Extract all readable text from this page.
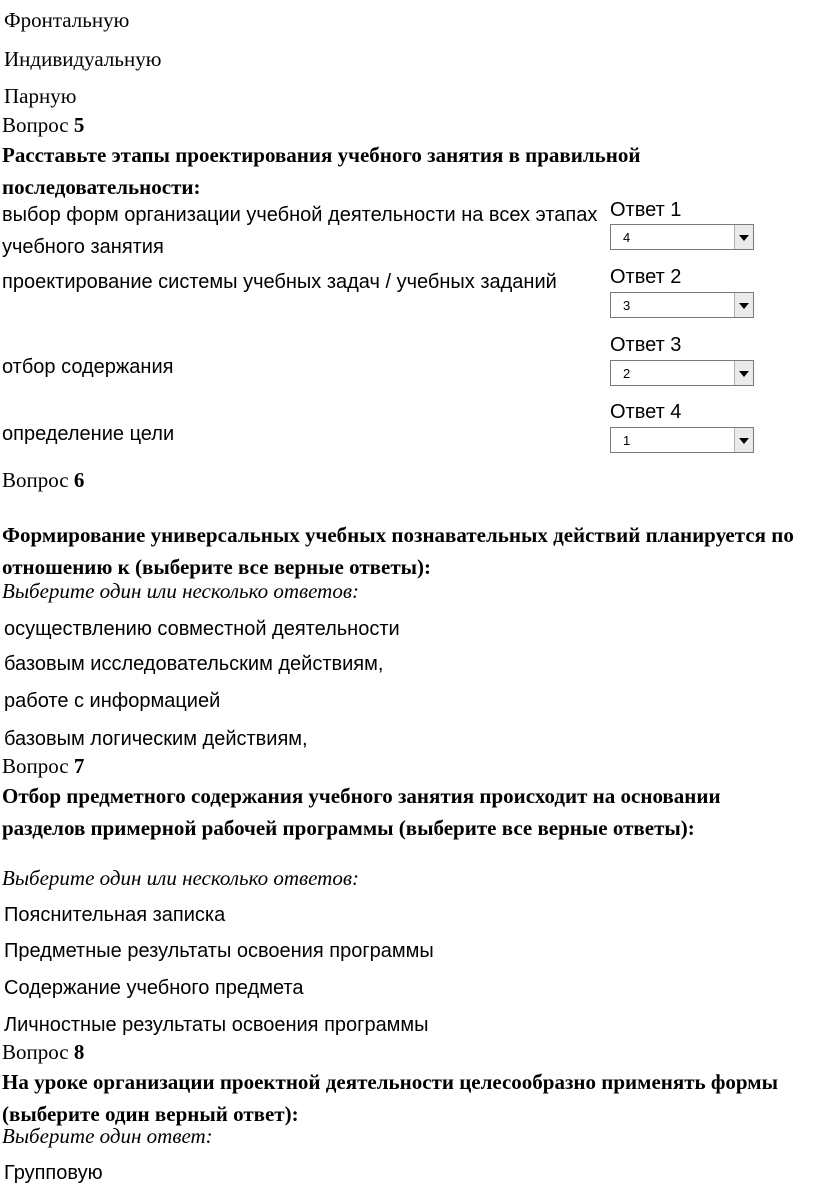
Фронтальную
Индивидуальную
Парную
Вопрос 5
Расставьте этапы проектирования учебного занятия в правильной последовательности:
выбор форм организации учебной деятельности на всех этапах учебного занятия
Ответ 1
4
проектирование системы учебных задач / учебных заданий	Ответ 2
3
отбор содержания
Ответ 3
2
определение цели
Ответ 4
1
Вопрос 6
Формирование универсальных учебных познавательных действий планируется по отношению к (выберите все верные ответы):
Выберите один или несколько ответов:
осуществлению совместной деятельности
базовым исследовательским действиям,
работе с информацией
базовым логическим действиям,
Вопрос 7
Отбор предметного содержания учебного занятия происходит на основании разделов примерной рабочей программы (выберите все верные ответы):
Выберите один или несколько ответов:
Пояснительная записка
Предметные результаты освоения программы
Содержание учебного предмета
Личностные результаты освоения программы
Вопрос 8
На уроке организации проектной деятельности целесообразно применять формы (выберите один верный ответ):
Выберите один ответ:
Групповую
